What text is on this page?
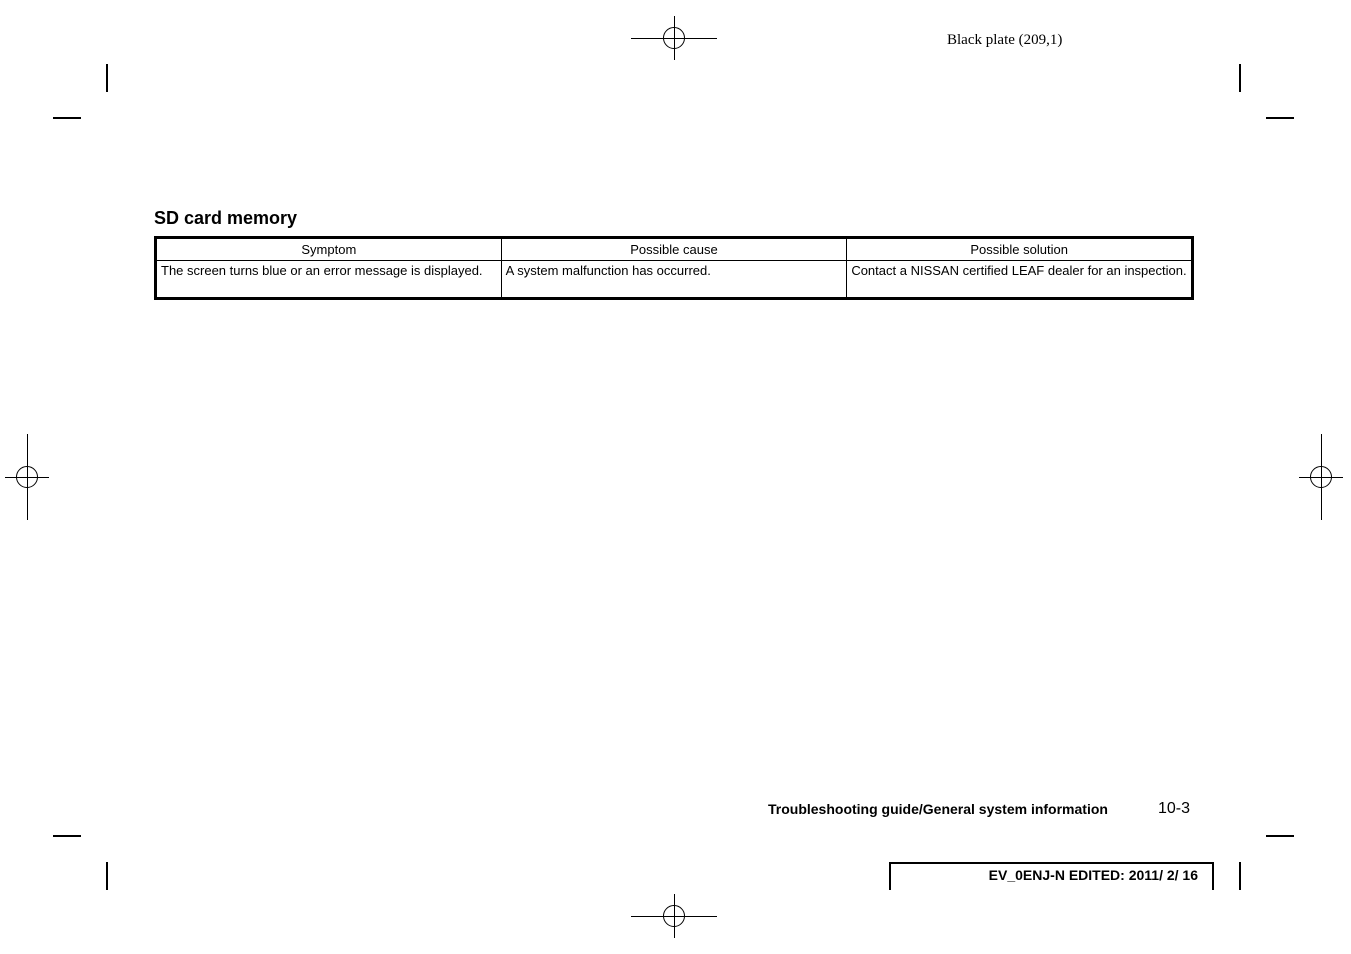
Black plate (209,1)
SD card memory
Symptom	Possible cause	Possible solution
The screen turns blue or an error message is displayed.	A system malfunction has occurred.	Contact a NISSAN certified LEAF dealer for an inspection.
Troubleshooting guide/General system information	10-3
EV_0ENJ-N EDITED: 2011/ 2/ 16
